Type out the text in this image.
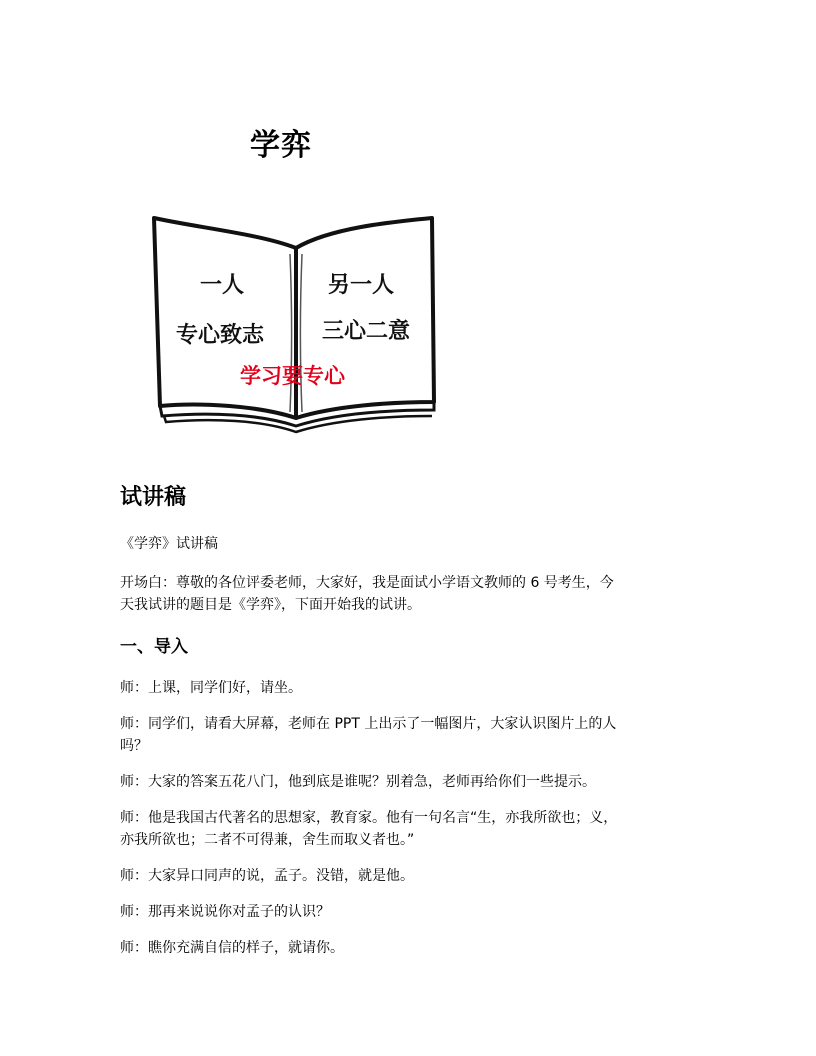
学弈
一人
专心致志
另一人
三心二意
学习要专心
试讲稿
《学弈》试讲稿
开场白：尊敬的各位评委老师，大家好，我是面试小学语文教师的 6 号考生，今
天我试讲的题目是《学弈》，下面开始我的试讲。
一、导入
师：上课，同学们好，请坐。
师：同学们，请看大屏幕，老师在 PPT 上出示了一幅图片，大家认识图片上的人
吗？
师：大家的答案五花八门，他到底是谁呢？别着急，老师再给你们一些提示。
师：他是我国古代著名的思想家，教育家。他有一句名言“生，亦我所欲也；义，
亦我所欲也；二者不可得兼，舍生而取义者也。”
师：大家异口同声的说，孟子。没错，就是他。
师：那再来说说你对孟子的认识？
师：瞧你充满自信的样子，就请你。
